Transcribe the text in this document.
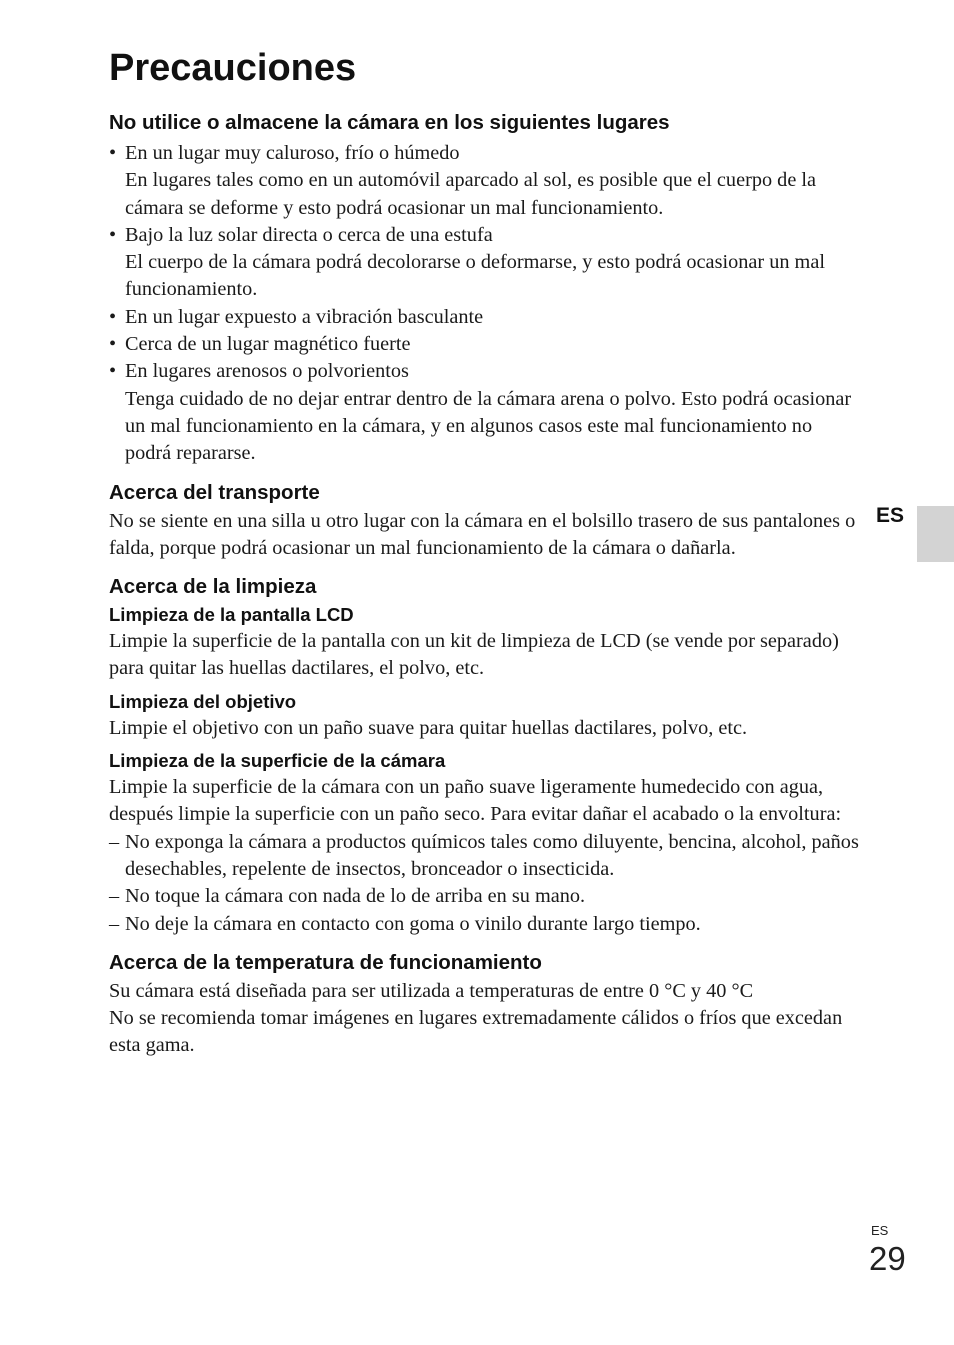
Precauciones
No utilice o almacene la cámara en los siguientes lugares
• En un lugar muy caluroso, frío o húmedo
En lugares tales como en un automóvil aparcado al sol, es posible que el cuerpo de la cámara se deforme y esto podrá ocasionar un mal funcionamiento.
• Bajo la luz solar directa o cerca de una estufa
El cuerpo de la cámara podrá decolorarse o deformarse, y esto podrá ocasionar un mal funcionamiento.
• En un lugar expuesto a vibración basculante
• Cerca de un lugar magnético fuerte
• En lugares arenosos o polvorientos
Tenga cuidado de no dejar entrar dentro de la cámara arena o polvo. Esto podrá ocasionar un mal funcionamiento en la cámara, y en algunos casos este mal funcionamiento no podrá repararse.
Acerca del transporte

No se siente en una silla u otro lugar con la cámara en el bolsillo trasero de sus pantalones o falda, porque podrá ocasionar un mal funcionamiento de la cámara o dañarla.

Acerca de la limpieza
Limpieza de la pantalla LCD

Limpie la superficie de la pantalla con un kit de limpieza de LCD (se vende por separado) para quitar las huellas dactilares, el polvo, etc.

Limpieza del objetivo

Limpie el objetivo con un paño suave para quitar huellas dactilares, polvo, etc.

Limpieza de la superficie de la cámara

Limpie la superficie de la cámara con un paño suave ligeramente humedecido con agua, después limpie la superficie con un paño seco. Para evitar dañar el acabado o la envoltura:

– No exponga la cámara a productos químicos tales como diluyente, bencina, alcohol, paños desechables, repelente de insectos, bronceador o insecticida.
– No toque la cámara con nada de lo de arriba en su mano.
– No deje la cámara en contacto con goma o vinilo durante largo tiempo.
Acerca de la temperatura de funcionamiento

Su cámara está diseñada para ser utilizada a temperaturas de entre 0 °C y 40 °C

No se recomienda tomar imágenes en lugares extremadamente cálidos o fríos que excedan esta gama.

ES
ES
29
